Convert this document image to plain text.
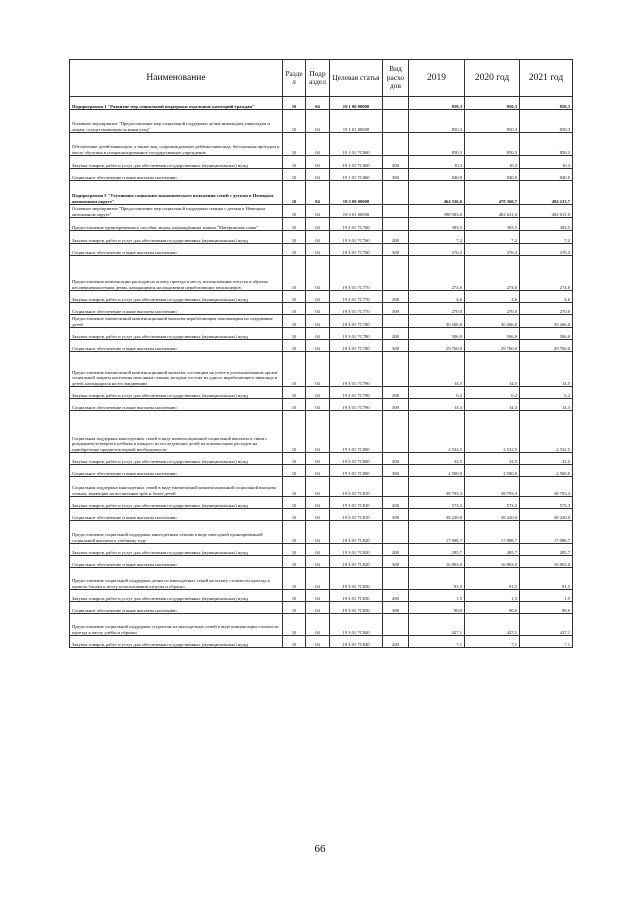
Наименование	Разде л	Подр аздел	Целевая статья	Вид расхо дов	2019	2020 год	2021 год
Подпрограмма 1 "Развитие мер социальной поддержки отдельных категорий граждан"	10	04	19 1 00 00000		850,3	850,3	850,3
Основное мероприятие "Предоставление мер социальной поддержки детям-инвалидам, инвалидам и лицам, осуществляющим за ними уход"	10	04	19 1 01 00000		850,3	850,3	850,3
Обеспечение детей-инвалидов, а также лиц, сопровождающих ребёнка-инвалида, бесплатным проездом к месту обучения в специализированное государственное учреждение	10	04	19 1 01 7С060		850,3	850,3	850,3
Закупка товаров, работ и услуг для обеспечения государственных (муниципальных) нужд	10	04	19 1 01 7С060	200	10,3	10,3	10,3
Социальное обеспечение и иные выплаты населению	10	04	19 1 01 7С060	300	840,0	840,0	840,0
Подпрограмма 3 "Улучшение социально-экономического положения семей с детьми в Ненецком автономном округе"	10	04	19 3 00 00000		464 556,0	478 360,7	484 233,7
Основное мероприятие "Предоставление мер социальной поддержки семьям с детьми в Ненецком автономном округе"	10	04	19 3 01 00000		398 583,0	402 631,0	402 631,0
Предоставление единовременного пособия лицам, награждённым знаком "Материнская слава"	10	04	19 3 01 7С760		383,5	383,5	383,5
Закупка товаров, работ и услуг для обеспечения государственных (муниципальных) нужд	10	04	19 3 01 7С760	200	7,2	7,2	7,2
Социальное обеспечение и иные выплаты населению	10	04	19 3 01 7С760	300	376,3	376,3	376,3
Предоставление компенсации расходов на оплату проезда к месту использования отпуска и обратно несовершеннолетним детям, находящимся на иждивении неработающих пенсионеров	10	04	19 3 01 7С770		274,6	274,6	274,6
Закупка товаров, работ и услуг для обеспечения государственных (муниципальных) нужд	10	04	19 3 01 7С770	200	4,6	4,6	4,6
Социальное обеспечение и иные выплаты населению	10	04	19 3 01 7С770	300	270,0	270,0	270,0
Предоставление ежемесячной компенсационной выплаты неработающим пенсионерам на содержание детей	10	04	19 3 01 7С780		30 266,0	30 266,0	30 266,0
Закупка товаров, работ и услуг для обеспечения государственных (муниципальных) нужд	10	04	19 3 01 7С780	200	506,0	506,0	506,0
Социальное обеспечение и иные выплаты населению	10	04	19 3 01 7С780	300	29 760,0	29 760,0	29 760,0
Предоставление ежемесячной компенсационной выплаты состоящим на учёте в уполномоченном органе социальной защиты населения неполным семьям, которые состоят из одного неработающего инвалида и детей, находящихся на его иждивении	10	04	19 3 01 7С790		14,5	14,5	14,5
Закупка товаров, работ и услуг для обеспечения государственных (муниципальных) нужд	10	04	19 3 01 7С790	200	0,2	0,2	0,2
Социальное обеспечение и иные выплаты населению	10	04	19 3 01 7С790	300	14,3	14,3	14,3
Социальная поддержка многодетных семей в виде компенсационной социальной выплаты в связи с рождением четвёртого ребёнка и каждого из последующих детей на компенсацию расходов на приобретение предметов первой необходимости	10	04	19 3 01 7С800		2 532,5	2 532,5	2 532,5
Закупка товаров, работ и услуг для обеспечения государственных (муниципальных) нужд	10	04	19 3 01 7С800	200	32,5	32,5	32,5
Социальное обеспечение и иные выплаты населению	10	04	19 3 01 7С800	300	2 500,0	2 500,0	2 500,0
Социальная поддержка многодетных семей в виде ежемесячной компенсационной социальной выплаты семьям, имеющим на воспитании трёх и более детей	10	04	19 3 01 7С810		38 793,3	38 793,3	38 793,3
Закупка товаров, работ и услуг для обеспечения государственных (муниципальных) нужд	10	04	19 3 01 7С810	200	573,3	573,3	573,3
Социальное обеспечение и иные выплаты населению	10	04	19 3 01 7С810	300	38 220,0	38 220,0	38 220,0
Предоставление социальной поддержки многодетным семьям в виде ежегодной единовременной социальной выплаты к учебному году	10	04	19 3 01 7С820		17 088,7	17 088,7	17 088,7
Закупка товаров, работ и услуг для обеспечения государственных (муниципальных) нужд	10	04	19 3 01 7С820	200	285,7	285,7	285,7
Социальное обеспечение и иные выплаты населению	10	04	19 3 01 7С820	300	16 803,0	16 803,0	16 803,0
Предоставление социальной поддержки детям из многодетных семей на оплату стоимости проезда и провоза багажа к месту использования отпуска и обратно	10	04	19 3 01 7С830		91,5	91,5	91,5
Закупка товаров, работ и услуг для обеспечения государственных (муниципальных) нужд	10	04	19 3 01 7С830	200	1,5	1,5	1,5
Социальное обеспечение и иные выплаты населению	10	04	19 3 01 7С830	300	90,0	90,0	90,0
Предоставление социальной поддержки студентам из многодетных семей в виде компенсации стоимости проезда к месту учёбы и обратно	10	04	19 3 01 7С840		427,1	427,1	427,1
Закупка товаров, работ и услуг для обеспечения государственных (муниципальных) нужд	10	04	19 3 01 7С840	200	7,1	7,1	7,1
66
